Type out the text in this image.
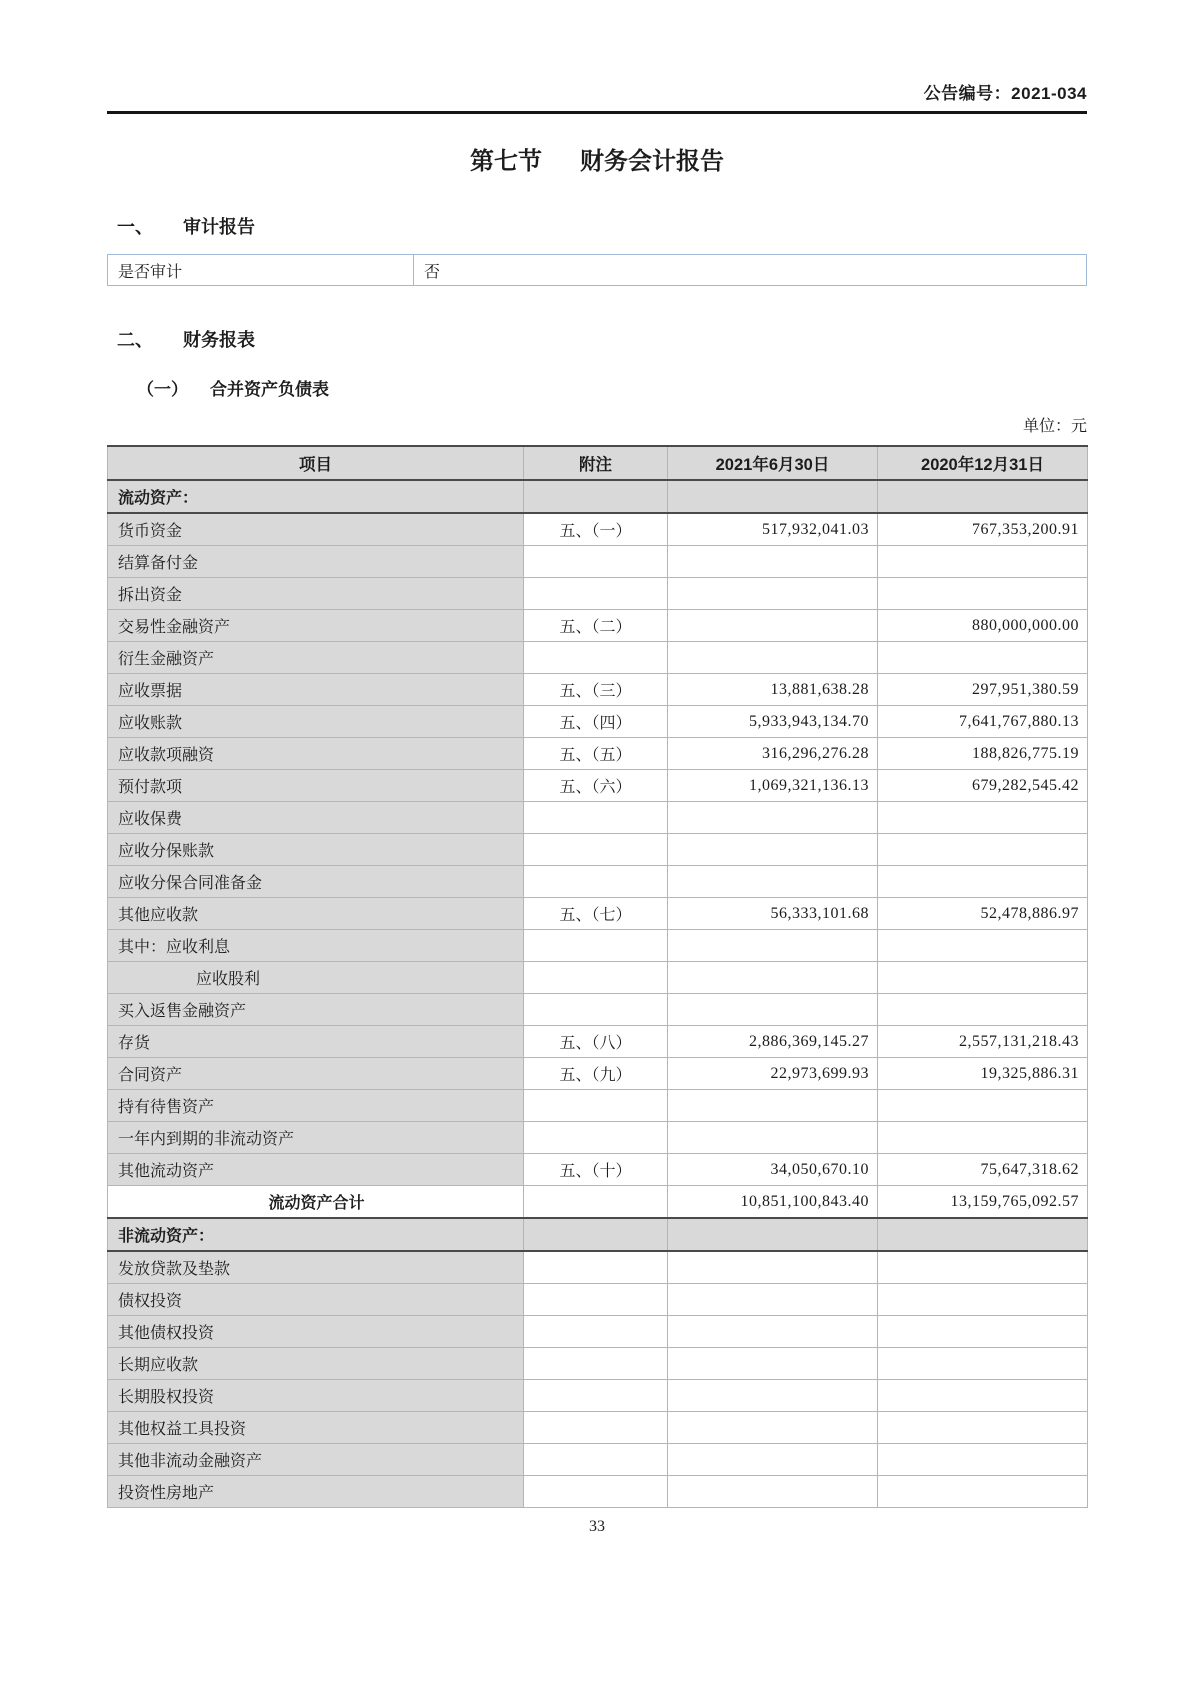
公告编号：2021-034
第七节 财务会计报告
一、 审计报告
是否审计	否
二、 财务报表
（一） 合并资产负债表
单位：元
项目	附注	2021年6月30日	2020年12月31日
流动资产：			
货币资金	五、（一）	517,932,041.03	767,353,200.91
结算备付金			
拆出资金			
交易性金融资产	五、（二）		880,000,000.00
衍生金融资产			
应收票据	五、（三）	13,881,638.28	297,951,380.59
应收账款	五、（四）	5,933,943,134.70	7,641,767,880.13
应收款项融资	五、（五）	316,296,276.28	188,826,775.19
预付款项	五、（六）	1,069,321,136.13	679,282,545.42
应收保费			
应收分保账款			
应收分保合同准备金			
其他应收款	五、（七）	56,333,101.68	52,478,886.97
其中：应收利息			
应收股利			
买入返售金融资产			
存货	五、（八）	2,886,369,145.27	2,557,131,218.43
合同资产	五、（九）	22,973,699.93	19,325,886.31
持有待售资产			
一年内到期的非流动资产			
其他流动资产	五、（十）	34,050,670.10	75,647,318.62
流动资产合计		10,851,100,843.40	13,159,765,092.57
非流动资产：			
发放贷款及垫款			
债权投资			
其他债权投资			
长期应收款			
长期股权投资			
其他权益工具投资			
其他非流动金融资产			
投资性房地产			
33
